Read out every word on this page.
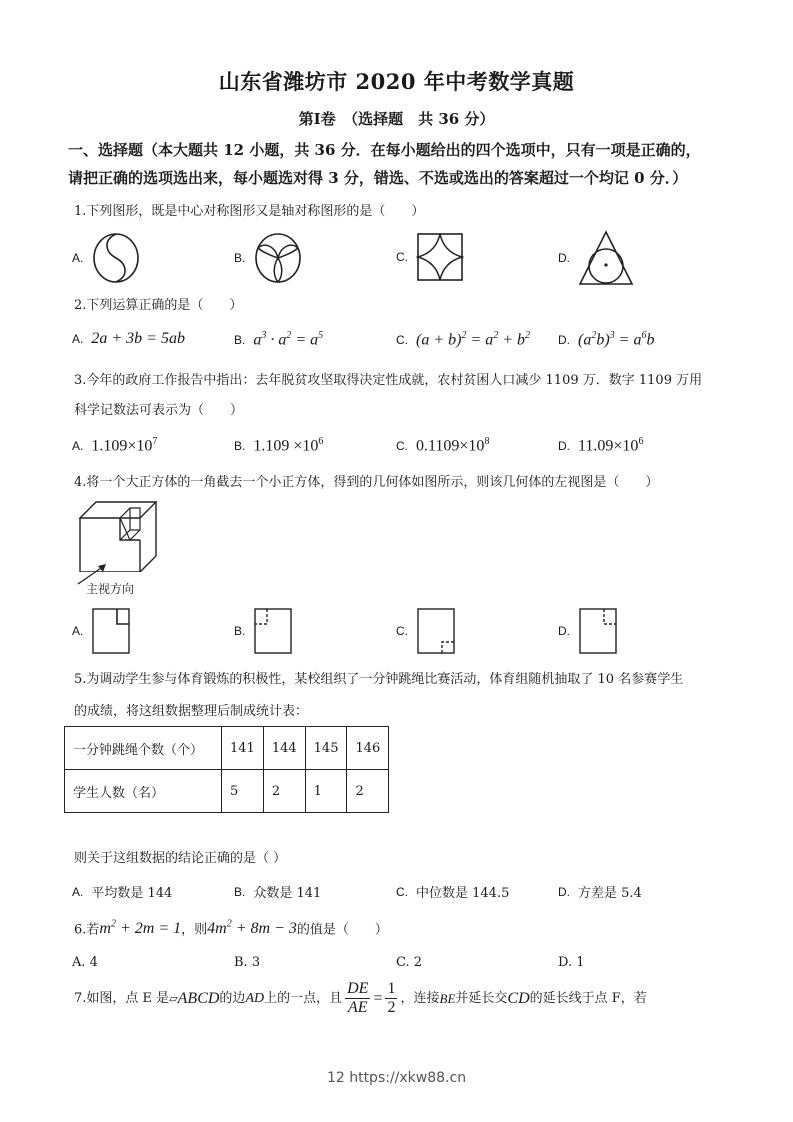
山东省潍坊市 2020 年中考数学真题
第Ⅰ卷　（选择题　共 36 分）
一、选择题（本大题共 12 小题，共 36 分．在每小题给出的四个选项中，只有一项是正确的，
请把正确的选项选出来，每小题选对得 3 分，错选、不选或选出的答案超过一个均记 0 分．）
1.下列图形，既是中心对称图形又是轴对称图形的是（　　）
A.	B.	C.	D.
2.下列运算正确的是（　　）
A. 2a + 3b = 5ab	B. $a^3 \cdot a^2 = a^5$	C. $(a + b)^2 = a^2 + b^2$ D. $(a^2b)^3 = a^6b$
3.今年的政府工作报告中指出：去年脱贫攻坚取得决定性成就，农村贫困人口减少 1109 万．数字 1109 万用
科学记数法可表示为（　　）
A. $1.109\times 10^7$	B. $1.109 \times 10^6$	C. $0.1109\times 10^8$	D. $11.09\times 10^6$
4.将一个大正方体的一角截去一个小正方体，得到的几何体如图所示，则该几何体的左视图是（　　）
主视方向
A.	B.	C.	D.
5.为调动学生参与体育锻炼的积极性，某校组织了一分钟跳绳比赛活动，体育组随机抽取了 10 名参赛学生
的成绩，将这组数据整理后制成统计表：
一分钟跳绳个数（个）	141	144	145	146
学生人数（名）	5	2	1	2
则关于这组数据的结论正确的是（ ）
A. 平均数是 144	B. 众数是 141	C. 中位数是 144.5	D. 方差是 5.4
6.若$m^2 + 2m = 1$，则$4m^2 + 8m - 3$的值是（　　）
A. 4	B. 3	C. 2	D. 1
7.如图，点 E 是 ▱ ABCD 的边 AD 上的一点，且 $\frac{DE}{AE} = \frac{1}{2}$ ，连接 BE 并延长交 CD 的延长线于点 F，若
12 https://xkw88.cn
